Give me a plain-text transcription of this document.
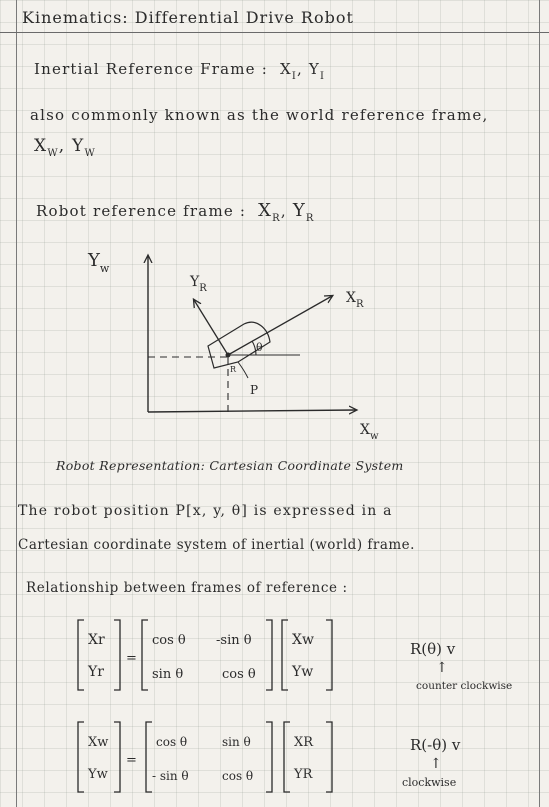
Kinematics: Differential Drive Robot
Inertial Reference Frame : $X_I$, $Y_I$
also commonly known as the world reference frame,
$X_W$, $Y_W$
Robot reference frame : $X_R$, $Y_R$
$Y_w$
$X_w$
$Y_R$
$X_R$
θ
P
R
Robot Representation: Cartesian Coordinate System
The robot position P[x, y, θ] is expressed in a
Cartesian coordinate system of inertial (world) frame.
Relationship between frames of reference :
Xr
Yr
=
cos θ -sin θ
sin θ	cos θ
Xw
Yw
R(θ) v
↑
counter clockwise
Xw
Yw
=
cos θ	sin θ
- sin θ	cos θ
XR
YR
R(-θ) v
↑
clockwise
